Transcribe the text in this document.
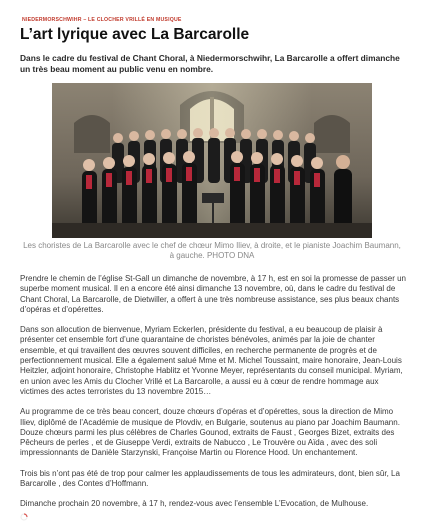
NIEDERMORSCHWIHR – LE CLOCHER VRILLÉ EN MUSIQUE
L’art lyrique avec La Barcarolle

Dans le cadre du festival de Chant Choral, à Niedermorschwihr, La Barcarolle a offert dimanche un très beau moment au public venu en nombre.

Les choristes de La Barcarolle avec le chef de chœur Mimo Iliev, à droite, et le pianiste Joachim Baumann, à gauche. PHOTO DNA

Prendre le chemin de l’église St-Gall un dimanche de novembre, à 17 h, est en soi la promesse de passer un superbe moment musical. Il en a encore été ainsi dimanche 13 novembre, où, dans le cadre du festival de Chant Choral, La Barcarolle, de Dietwiller, a offert à une très nombreuse assistance, ses plus beaux chants d’opéras et d’opérettes.

Dans son allocution de bienvenue, Myriam Eckerlen, présidente du festival, a eu beaucoup de plaisir à présenter cet ensemble fort d’une quarantaine de choristes bénévoles, animés par la joie de chanter ensemble, et qui travaillent des œuvres souvent difficiles, en recherche permanente de progrès et de perfectionnement musical. Elle a également salué Mme et M. Michel Toussaint, maire honoraire, Jean-Louis Heitzler, adjoint honoraire, Christophe Hablitz et Yvonne Meyer, représentants du conseil municipal. Myriam, en union avec les Amis du Clocher Vrillé et La Barcarolle, a aussi eu à cœur de rendre hommage aux victimes des actes terroristes du 13 novembre 2015…

Au programme de ce très beau concert, douze chœurs d’opéras et d’opérettes, sous la direction de Mimo Iliev, diplômé de l’Académie de musique de Plovdiv, en Bulgarie, soutenus au piano par Joachim Baumann. Douze chœurs parmi les plus célèbres de Charles Gounod, extraits de Faust , Georges Bizet, extraits des Pêcheurs de perles , et de Giuseppe Verdi, extraits de Nabucco , Le Trouvère ou Aïda , avec des soli impressionnants de Danièle Starzynski, Françoise Martin ou Florence Hood. Un enchantement.

Trois bis n’ont pas été de trop pour calmer les applaudissements de tous les admirateurs, dont, bien sûr, La Barcarolle , des Contes d’Hoffmann.

Dimanche prochain 20 novembre, à 17 h, rendez-vous avec l’ensemble L’Evocation, de Mulhouse.
